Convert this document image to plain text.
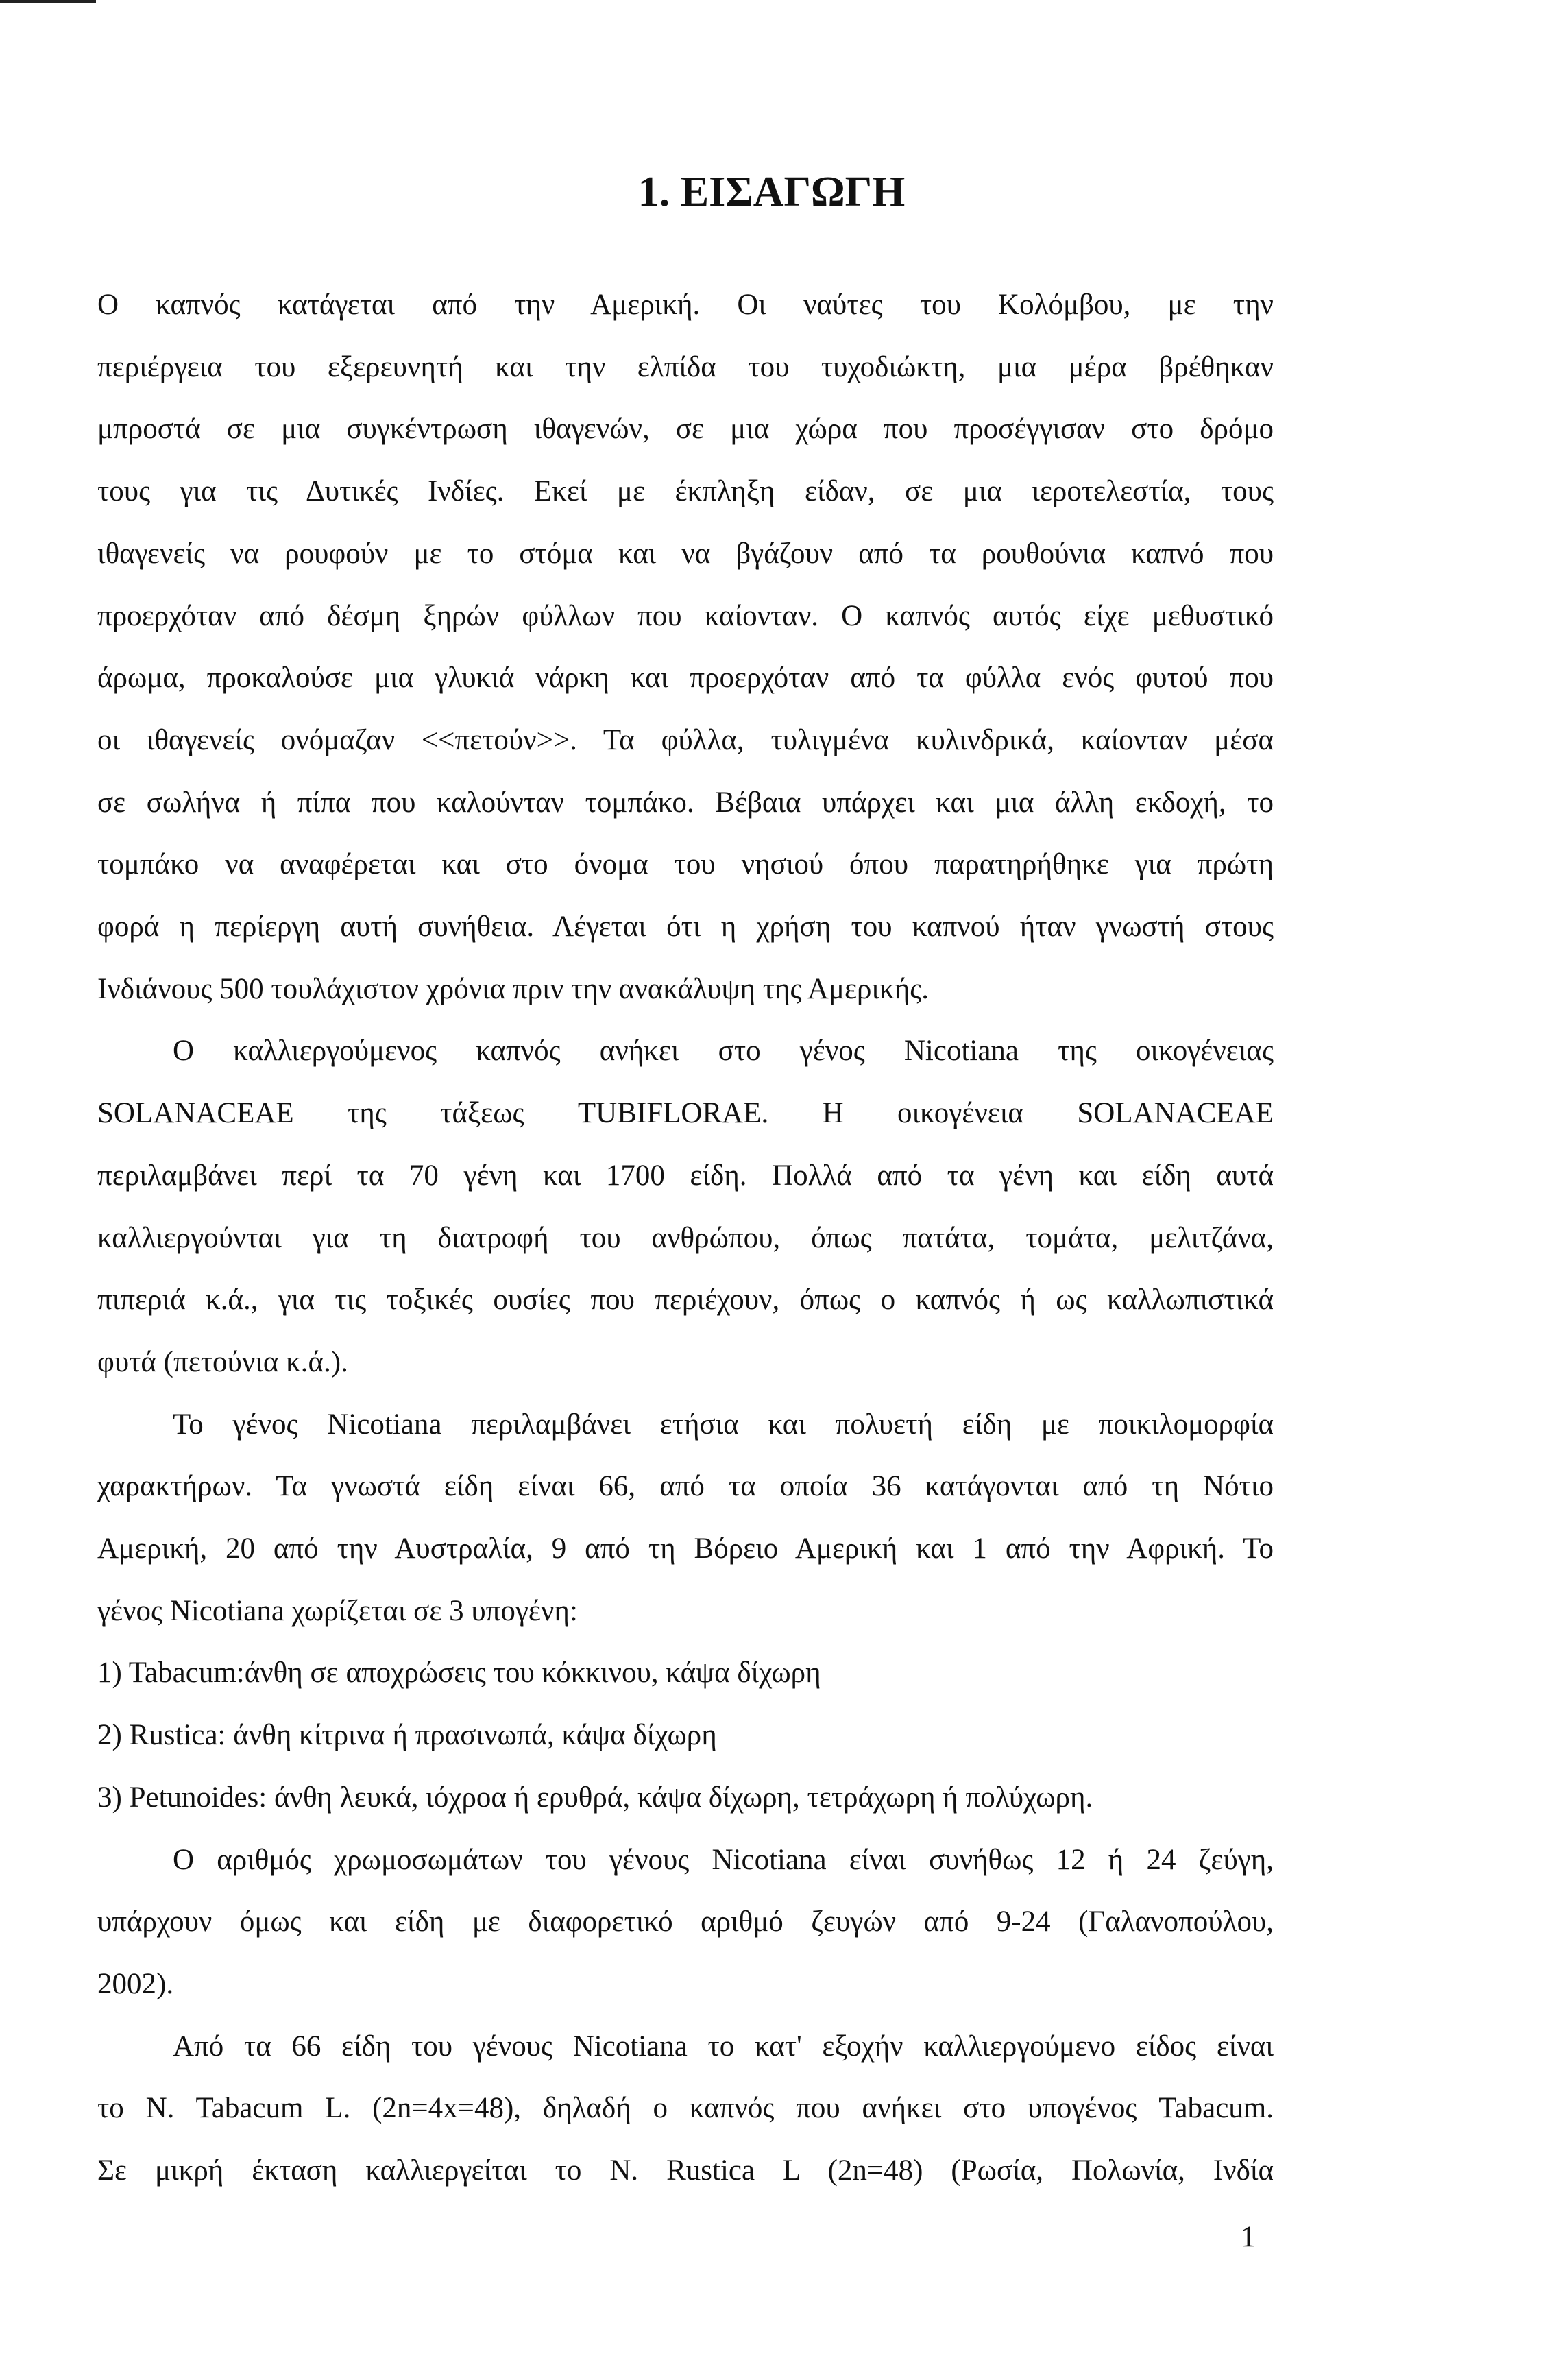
1. ΕΙΣΑΓΩΓΗ

Ο καπνός κατάγεται από την Αμερική. Οι ναύτες του Κολόμβου, με την

περιέργεια του εξερευνητή και την ελπίδα του τυχοδιώκτη, μια μέρα βρέθηκαν

μπροστά σε μια συγκέντρωση ιθαγενών, σε μια χώρα που προσέγγισαν στο δρόμο

τους για τις Δυτικές Ινδίες. Εκεί με έκπληξη είδαν, σε μια ιεροτελεστία, τους

ιθαγενείς να ρουφούν με το στόμα και να βγάζουν από τα ρουθούνια καπνό που

προερχόταν από δέσμη ξηρών φύλλων που καίονταν. Ο καπνός αυτός είχε μεθυστικό

άρωμα, προκαλούσε μια γλυκιά νάρκη και προερχόταν από τα φύλλα ενός φυτού που

οι ιθαγενείς ονόμαζαν <<πετούν>>. Τα φύλλα, τυλιγμένα κυλινδρικά, καίονταν μέσα

σε σωλήνα ή πίπα που καλούνταν τομπάκο. Βέβαια υπάρχει και μια άλλη εκδοχή, το

τομπάκο να αναφέρεται και στο όνομα του νησιού όπου παρατηρήθηκε για πρώτη

φορά η περίεργη αυτή συνήθεια. Λέγεται ότι η χρήση του καπνού ήταν γνωστή στους

Ινδιάνους 500 τουλάχιστον χρόνια πριν την ανακάλυψη της Αμερικής.

Ο καλλιεργούμενος καπνός ανήκει στο γένος Nicotiana της οικογένειας

SOLANACEAE της τάξεως TUBIFLORAE. Η οικογένεια SOLANACEAE

περιλαμβάνει περί τα 70 γένη και 1700 είδη. Πολλά από τα γένη και είδη αυτά

καλλιεργούνται για τη διατροφή του ανθρώπου, όπως πατάτα, τομάτα, μελιτζάνα,

πιπεριά κ.ά., για τις τοξικές ουσίες που περιέχουν, όπως ο καπνός ή ως καλλωπιστικά

φυτά (πετούνια κ.ά.).

Το γένος Nicotiana περιλαμβάνει ετήσια και πολυετή είδη με ποικιλομορφία

χαρακτήρων. Τα γνωστά είδη είναι 66, από τα οποία 36 κατάγονται από τη Νότιο

Αμερική, 20 από την Αυστραλία, 9 από τη Βόρειο Αμερική και 1 από την Αφρική. Το

γένος Nicotiana χωρίζεται σε 3 υπογένη:

1) Tabacum:άνθη σε αποχρώσεις του κόκκινου, κάψα δίχωρη

2) Rustica: άνθη κίτρινα ή πρασινωπά, κάψα δίχωρη

3) Petunoides: άνθη λευκά, ιόχροα ή ερυθρά, κάψα δίχωρη, τετράχωρη ή πολύχωρη.

Ο αριθμός χρωμοσωμάτων του γένους Nicotiana είναι συνήθως 12 ή 24 ζεύγη,

υπάρχουν όμως και είδη με διαφορετικό αριθμό ζευγών από 9-24 (Γαλανοπούλου,

2002).

Από τα 66 είδη του γένους Nicotiana το κατ' εξοχήν καλλιεργούμενο είδος είναι

το N. Tabacum L. (2n=4x=48), δηλαδή ο καπνός που ανήκει στο υπογένος Tabacum.

Σε μικρή έκταση καλλιεργείται το N. Rustica L (2n=48) (Ρωσία, Πολωνία, Ινδία

1
